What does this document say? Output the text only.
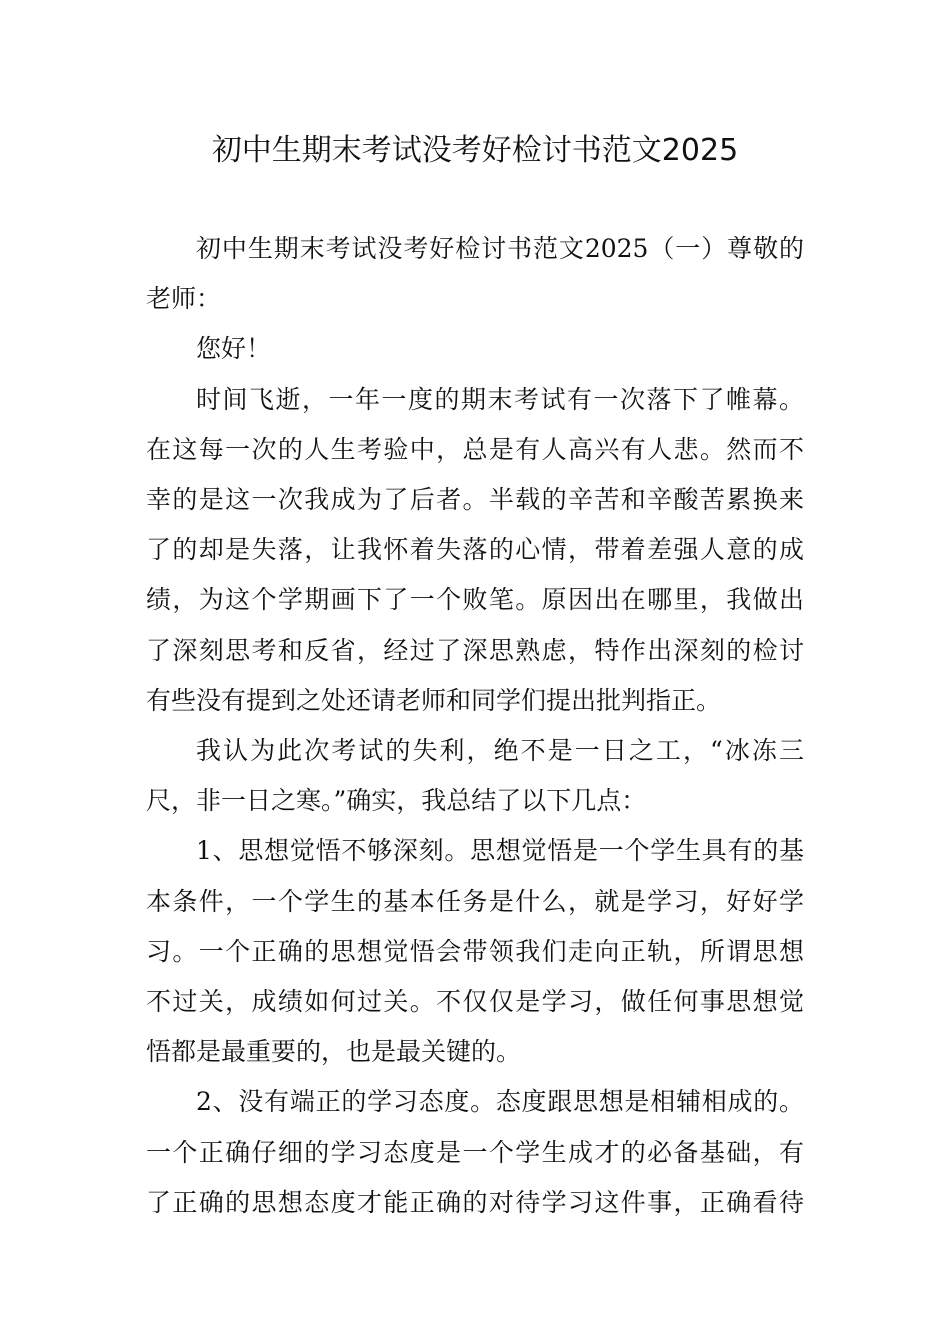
初中生期末考试没考好检讨书范文2025
初中生期末考试没考好检讨书范文2025（一）尊敬的
老师：
您好！
时间飞逝，一年一度的期末考试有一次落下了帷幕。
在这每一次的人生考验中，总是有人高兴有人悲。然而不
幸的是这一次我成为了后者。半载的辛苦和辛酸苦累换来
了的却是失落，让我怀着失落的心情，带着差强人意的成
绩，为这个学期画下了一个败笔。原因出在哪里，我做出
了深刻思考和反省，经过了深思熟虑，特作出深刻的检讨
有些没有提到之处还请老师和同学们提出批判指正。
我认为此次考试的失利，绝不是一日之工，“冰冻三
尺，非一日之寒。”确实，我总结了以下几点：
1、思想觉悟不够深刻。思想觉悟是一个学生具有的基
本条件，一个学生的基本任务是什么，就是学习，好好学
习。一个正确的思想觉悟会带领我们走向正轨，所谓思想
不过关，成绩如何过关。不仅仅是学习，做任何事思想觉
悟都是最重要的，也是最关键的。
2、没有端正的学习态度。态度跟思想是相辅相成的。
一个正确仔细的学习态度是一个学生成才的必备基础，有
了正确的思想态度才能正确的对待学习这件事，正确看待
